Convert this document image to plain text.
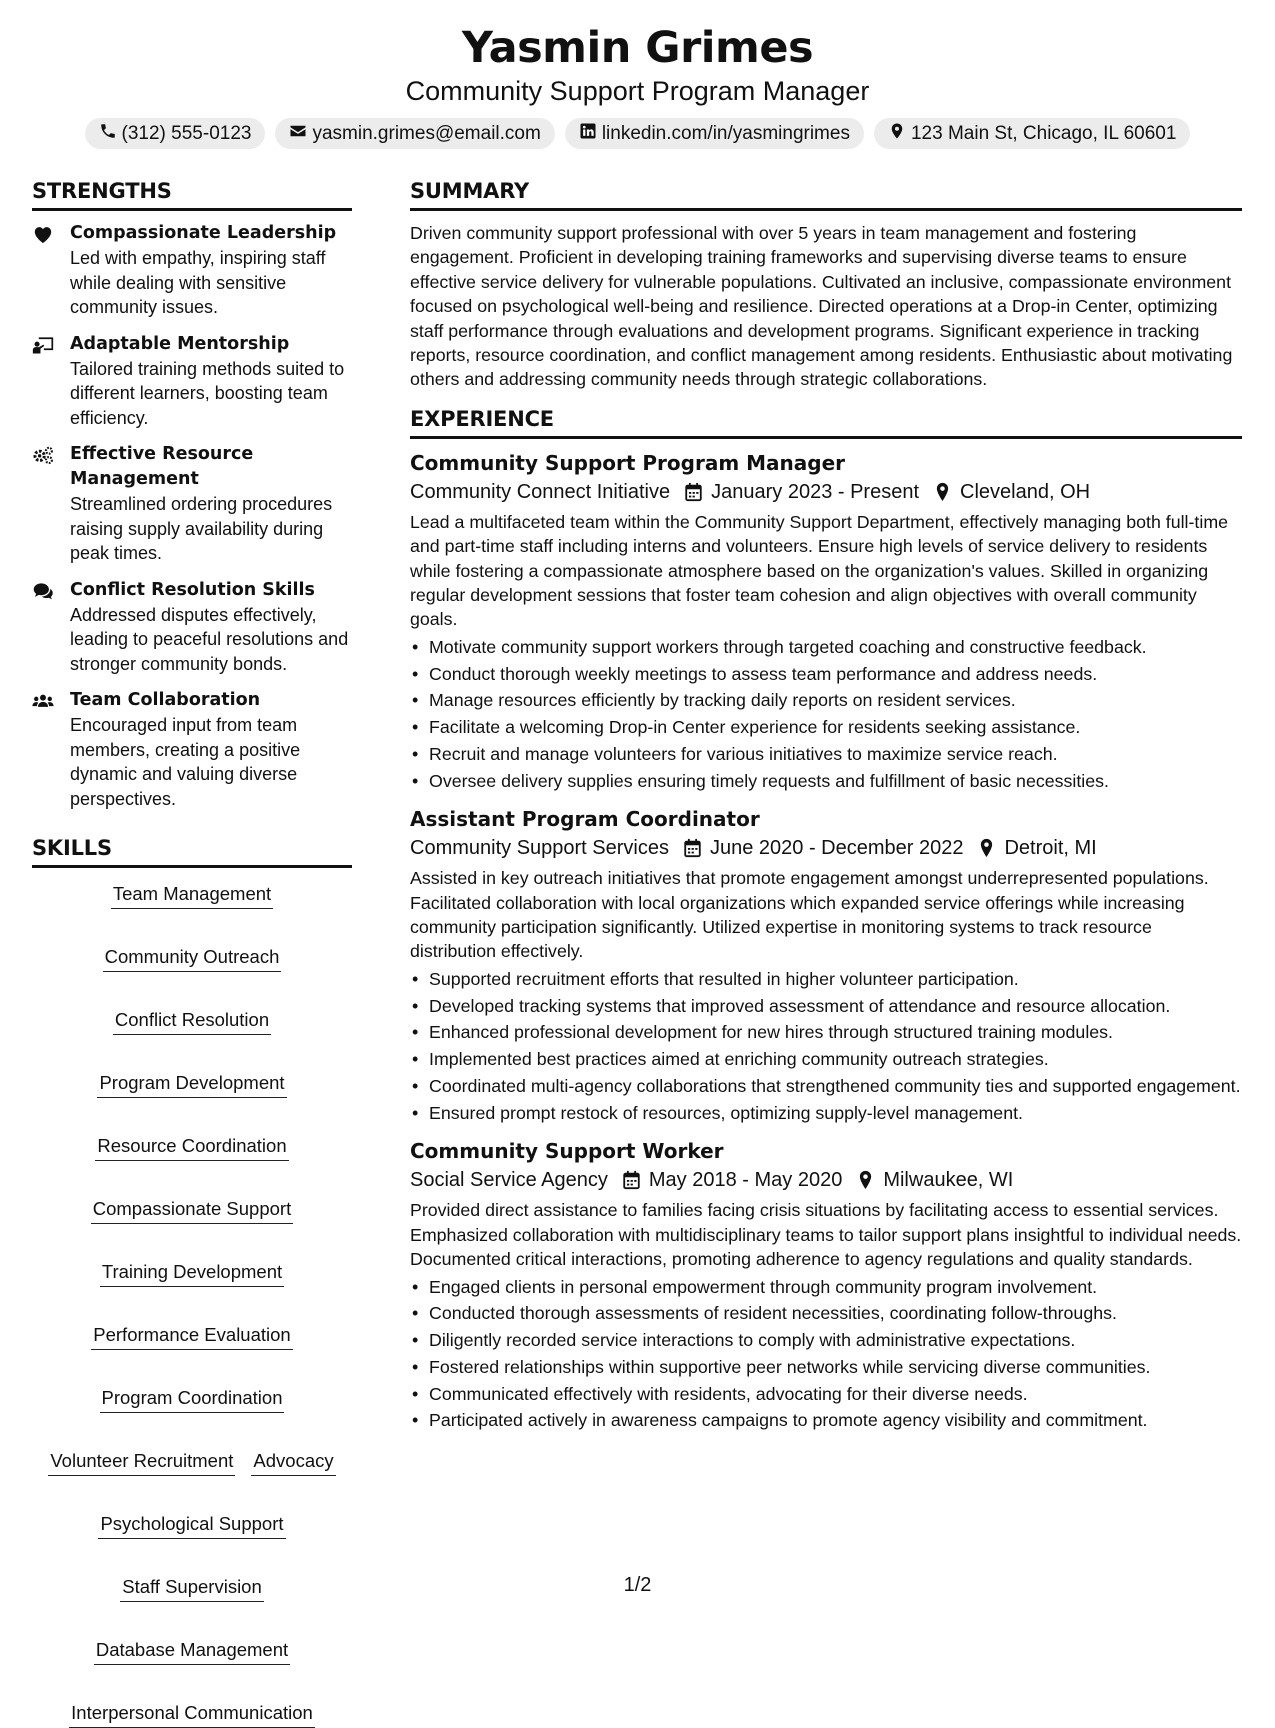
Yasmin Grimes
Community Support Program Manager
(312) 555-0123	yasmin.grimes@email.com	linkedin.com/in/yasmingrimes	123 Main St, Chicago, IL 60601
STRENGTHS
Compassionate Leadership
Led with empathy, inspiring staff while dealing with sensitive community issues.
Adaptable Mentorship
Tailored training methods suited to different learners, boosting team efficiency.
Effective Resource Management
Streamlined ordering procedures raising supply availability during peak times.
Conflict Resolution Skills
Addressed disputes effectively, leading to peaceful resolutions and stronger community bonds.
Team Collaboration
Encouraged input from team members, creating a positive dynamic and valuing diverse perspectives.
SKILLS
Team Management
Community Outreach
Conflict Resolution
Program Development
Resource Coordination
Compassionate Support
Training Development
Performance Evaluation
Program Coordination
Volunteer Recruitment Advocacy
Psychological Support
Staff Supervision
Database Management
Interpersonal Communication
SUMMARY
Driven community support professional with over 5 years in team management and fostering engagement. Proficient in developing training frameworks and supervising diverse teams to ensure effective service delivery for vulnerable populations. Cultivated an inclusive, compassionate environment focused on psychological well-being and resilience. Directed operations at a Drop-in Center, optimizing staff performance through evaluations and development programs. Significant experience in tracking reports, resource coordination, and conflict management among residents. Enthusiastic about motivating others and addressing community needs through strategic collaborations.
EXPERIENCE
Community Support Program Manager
Community Connect Initiative January 2023 - Present Cleveland, OH
Lead a multifaceted team within the Community Support Department, effectively managing both full-time and part-time staff including interns and volunteers. Ensure high levels of service delivery to residents while fostering a compassionate atmosphere based on the organization's values. Skilled in organizing regular development sessions that foster team cohesion and align objectives with overall community goals.
• Motivate community support workers through targeted coaching and constructive feedback.
• Conduct thorough weekly meetings to assess team performance and address needs.
• Manage resources efficiently by tracking daily reports on resident services.
• Facilitate a welcoming Drop-in Center experience for residents seeking assistance.
• Recruit and manage volunteers for various initiatives to maximize service reach.
• Oversee delivery supplies ensuring timely requests and fulfillment of basic necessities.
Assistant Program Coordinator
Community Support Services June 2020 - December 2022 Detroit, MI
Assisted in key outreach initiatives that promote engagement amongst underrepresented populations. Facilitated collaboration with local organizations which expanded service offerings while increasing community participation significantly. Utilized expertise in monitoring systems to track resource distribution effectively.
• Supported recruitment efforts that resulted in higher volunteer participation.
• Developed tracking systems that improved assessment of attendance and resource allocation.
• Enhanced professional development for new hires through structured training modules.
• Implemented best practices aimed at enriching community outreach strategies.
• Coordinated multi-agency collaborations that strengthened community ties and supported engagement.
• Ensured prompt restock of resources, optimizing supply-level management.
Community Support Worker
Social Service Agency May 2018 - May 2020 Milwaukee, WI
Provided direct assistance to families facing crisis situations by facilitating access to essential services. Emphasized collaboration with multidisciplinary teams to tailor support plans insightful to individual needs. Documented critical interactions, promoting adherence to agency regulations and quality standards.
• Engaged clients in personal empowerment through community program involvement.
• Conducted thorough assessments of resident necessities, coordinating follow-throughs.
• Diligently recorded service interactions to comply with administrative expectations.
• Fostered relationships within supportive peer networks while servicing diverse communities.
• Communicated effectively with residents, advocating for their diverse needs.
• Participated actively in awareness campaigns to promote agency visibility and commitment.
1/2
